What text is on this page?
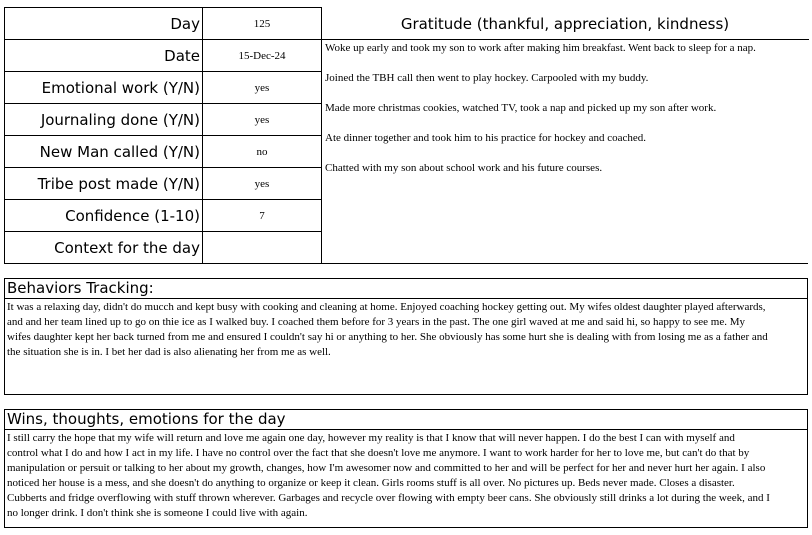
Day	125
Date	15-Dec-24
Emotional work (Y/N)	yes
Journaling done (Y/N)	yes
New Man called (Y/N)	no
Tribe post made (Y/N)	yes
Confidence (1-10)	7
Context for the day	
Gratitude (thankful, appreciation, kindness)
Woke up early and took my son to work after making him breakfast. Went back to sleep for a nap.
Joined the TBH call then went to play hockey. Carpooled with my buddy.
Made more christmas cookies, watched TV, took a nap and picked up my son after work.
Ate dinner together and took him to his practice for hockey and coached.
Chatted with my son about school work and his future courses.
Behaviors Tracking:
It was a relaxing day, didn't do mucch and kept busy with cooking and cleaning at home. Enjoyed coaching hockey getting out. My wifes oldest daughter played afterwards,
and and her team lined up to go on thie ice as I walked buy. I coached them before for 3 years in the past. The one girl waved at me and said hi, so happy to see me. My
wifes daughter kept her back turned from me and ensured I couldn't say hi or anything to her. She obviously has some hurt she is dealing with from losing me as a father and
the situation she is in. I bet her dad is also alienating her from me as well.
Wins, thoughts, emotions for the day
I still carry the hope that my wife will return and love me again one day, however my reality is that I know that will never happen. I do the best I can with myself and
control what I do and how I act in my life. I have no control over the fact that she doesn't love me anymore. I want to work harder for her to love me, but can't do that by
manipulation or persuit or talking to her about my growth, changes, how I'm awesomer now and committed to her and will be perfect for her and never hurt her again. I also
noticed her house is a mess, and she doesn't do anything to organize or keep it clean. Girls rooms stuff is all over. No pictures up. Beds never made. Closes a disaster.
Cubberts and fridge overflowing with stuff thrown wherever. Garbages and recycle over flowing with empty beer cans. She obviously still drinks a lot during the week, and I
no longer drink. I don't think she is someone I could live with again.
